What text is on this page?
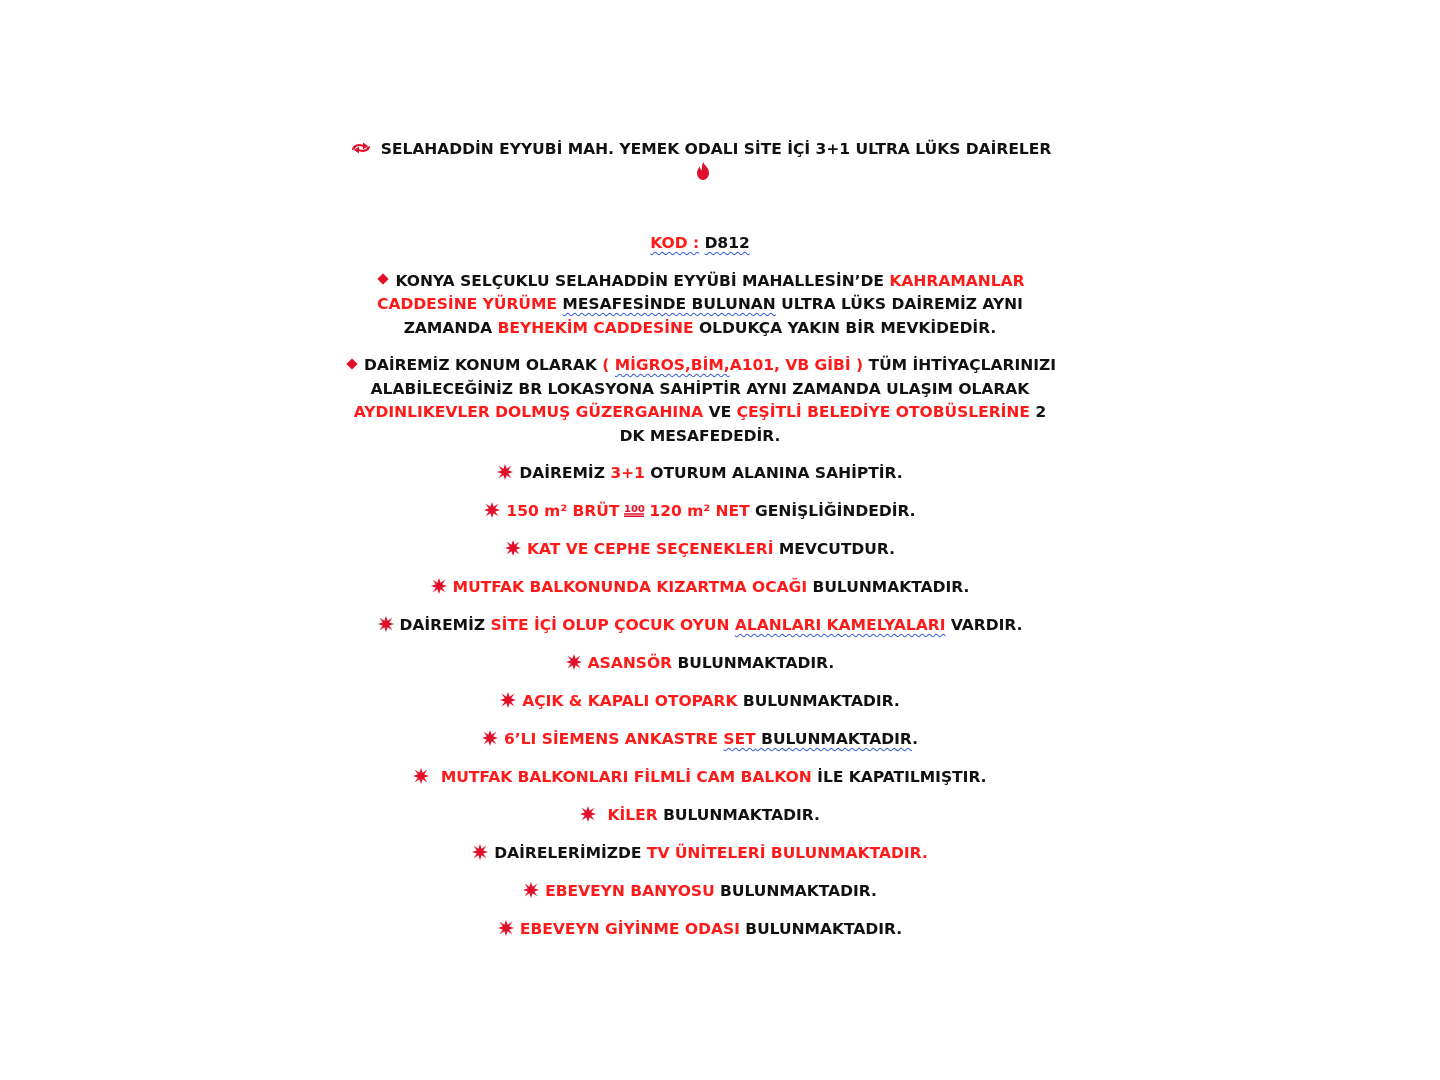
SELAHADDİN EYYUBİ MAH. YEMEK ODALI SİTE İÇİ 3+1 ULTRA LÜKS DAİRELER

KOD : D812

KONYA SELÇUKLU SELAHADDİN EYYÜBİ MAHALLESİN’DE KAHRAMANLAR CADDESİNE YÜRÜME MESAFESİNDE BULUNAN ULTRA LÜKS DAİREMİZ AYNI ZAMANDA BEYHEKİM CADDESİNE OLDUKÇA YAKIN BİR MEVKİDEDİR.

DAİREMİZ KONUM OLARAK ( MİGROS,BİM,A101, VB GİBİ ) TÜM İHTİYAÇLARINIZI ALABİLECEĞİNİZ BR LOKASYONA SAHİPTİR AYNI ZAMANDA ULAŞIM OLARAK AYDINLIKEVLER DOLMUŞ GÜZERGAHINA VE ÇEŞİTLİ BELEDİYE OTOBÜSLERİNE 2 DK MESAFEDEDİR.

DAİREMİZ 3+1 OTURUM ALANINA SAHİPTİR.

150 m² BRÜT 100 120 m² NET GENİŞLİĞİNDEDİR.

KAT VE CEPHE SEÇENEKLERİ MEVCUTDUR.

MUTFAK BALKONUNDA KIZARTMA OCAĞI BULUNMAKTADIR.

DAİREMİZ SİTE İÇİ OLUP ÇOCUK OYUN ALANLARI KAMELYALARI VARDIR.

ASANSÖR BULUNMAKTADIR.

AÇIK & KAPALI OTOPARK BULUNMAKTADIR.

6’LI SİEMENS ANKASTRE SET BULUNMAKTADIR.

MUTFAK BALKONLARI FİLMLİ CAM BALKON İLE KAPATILMIŞTIR.

KİLER BULUNMAKTADIR.

DAİRELERİMİZDE TV ÜNİTELERİ BULUNMAKTADIR.

EBEVEYN BANYOSU BULUNMAKTADIR.

EBEVEYN GİYİNME ODASI BULUNMAKTADIR.
